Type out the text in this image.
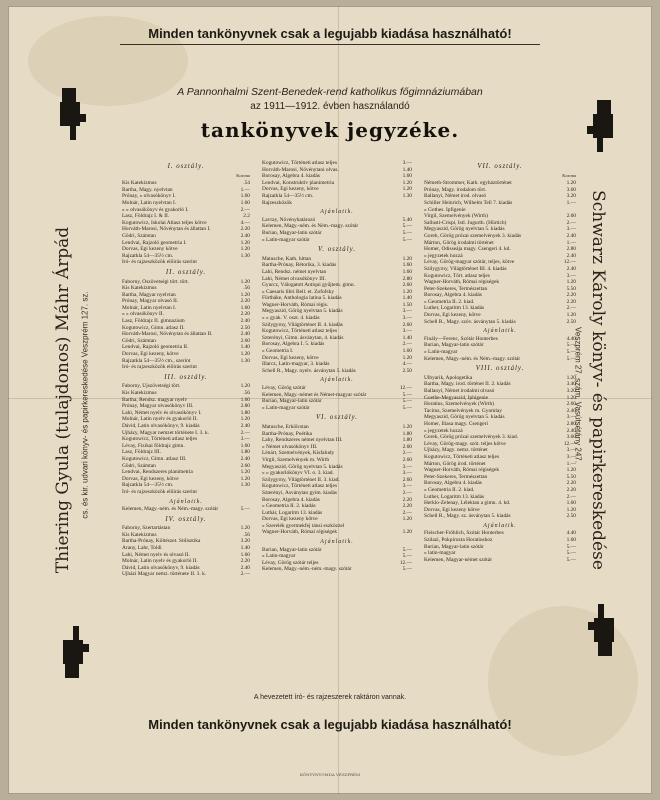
Minden tankönyvnek csak a legujabb kiadása használható!
A Pannonhalmi Szent-Benedek-rend katholikus főgimnáziumában
az 1911—1912. évben használandó
tankönyvek jegyzéke.
Thiering Gyula (tulajdonos) Máhr Árpád cs. és kir. udvari könyv- és papirkereskedése Veszprém 127. sz.	Schwarz Károly könyv- és papirkereskedése
Veszprém 27. szám. Vasútsétány 247.
I. osztály.
Korona
Kis Katekizmus	.54
Bartha, Magy. nyelvtan	1.—
Prónay, » olvasókönyv I.	1.60
Molnár, Latin nyelvtan I.	1.60
» » olvasókönyv és gyakorló I.	2.—
Lasz, Földrajz I. & II.	2.2
Kogutowicz, Iskolai Atlasz teljes kötve	4.—
Horváth-Marosi, Növénytan és állattan I.	2.20
Gödri, Számtan	2.40
Lendvai, Rajzoló geometria I.	1.20
Dorvas, Egi kezeny kötve	1.20
Rajzatkla 54—35½ cm.	1.30
Író- és rajzeszközök előirás szerint
II. osztály.
Faborny, Ószövetségi tört. tört.	1.20
Kis Katekizmus	.56
Bartha, Magyar nyelvtan	1.20
Prónay, Magyar olvasó II.	2.20
Molnár, Latin nyelvtan I.	1.60
» » olvasókönyv II.	2.20
Lasz, Földrajz II. gimnazium	2.40
Kogutowicz, Gimn. atlasz II.	2.50
Horváth-Marosi, Növénytan és állattan II.	2.40
Gödri, Számtan	2.60
Lendvai, Rajzoló geometria II.	1.40
Dorvas, Egi kezeny, kötve	1.20
Rajzatkla 54—35½ cm., szerint	1.30
Író- és rajzeszközök előirás szerint
III. osztály.
Faborny, Újszövetségi tört.	1.20
Kis Katekizmus	.56
Bartha, Rendsz. magyar nyelv	1.60
Prónay, Magyar olvasókönyv III.	2.80
Lahi, Német nyelv és olvasókönyv I.	1.80
Molnár, Latin nyelv és gyakorló II.	1.20
Dávid, Latin olvasókönyv, 9. kiadás	2.40
Ujházy, Magyar nemzet története I. 3. k.	2.—
Kogutowicz, Történeti atlasz teljes	3.—
Lévay, Fizikai földrajz gimn.	1.60
Lasz, Földrajz III.	1.80
Kogutowicz, Gimn. atlasz III.	2.40
Gödri, Számtan	2.60
Lendvai, Rendszeres planimetria	1.20
Dorvas, Egi kezeny, kötve	1.20
Rajzatkla 54—35½ cm.	1.30
Író- és rajzeszközök előirás szerint
Ajánlatik.
Kelemen, Magy.-ném. és Ném.-magy. szótár	5.—
IV. osztály.
Faborny, Szertartástan	1.20
Kis Katekizmus	.56
Bartha-Prónay, Költészet. Stilisztika	3.20
Arany, Lahr, Toldi	1.40
Lahi, Német nyelv és olvasó II.	1.60
Molnár, Latin nyelv és gyakorló II.	2.20
Dávid, Latin olvasókönyv, 9. kiadás	2.40
Ujházi Magyar nemz. története II. 3. k.	2.—
Kogutowicz, Történeti atlasz teljes	3.—
Horváth-Marosi, Növénytani olvas.	1.40
Borosay, Algebra 4. kiadás	1.60
Lendvai, Konstruktív planimetria	1.20
Dorvas, Egi kezeny, kötve	1.20
Rajzatkla 54—35½ cm.	1.30
Rajzeszközök
Ajánlatik.
Lavray, Növényhatározó	5.40
Kelemen, Magy.-ném. és Ném.-magy. szótár	5.—
Burian, Magyar-latin szótár	5.—
» Latin-magyar szótár	5.—
V. osztály.
Matusche, Kath. hittan	1.20
Bartha-Prónay, Rétorika, 3. kiadás	1.60
Lahi, Rendsz. német nyelvtan	1.60
Lahi, Német olvasókönyv III.	2.80
Gyurcz, Válogatott Antiqui gyűjtem. gimn.	2.60
» Caesaris libri Bell. et. Zofofsky	1.20
Fürtháke, Anthologia latina 5. kiadás	1.40
Wagner-Horváth, Római régis.	1.50
Megyaszid, Görög nyelvtan 5. kiadás	3.—
» » gyak. V. oszt. 4. kiadás	3.—
Szilygyrny, Világtörténet II. 4. kiadás	2.60
Kogutowicz, Történeti atlasz teljes	3.—
Szterényi, Gimn. ásványtan, 4. kiadás	1.40
Borosay, Algebra I. 5. kiadás	2.—
» Geometria I.	1.60
Dorvas, Egi kezeny, kötve	1.20
Illarcz, Latin-magyar, 3. kiadás	4.—
Schell R., Magy. nyelv. ásványtan 5. kiadás	2.50
Ajánlatik.
Lévay, Görög szótár	12.—
Kelemen, Magy.-német és Német-magyar szótár	5.—
Burian, Magyar-latin szótár	5.—
» Latin-magyar szótár	5.—
VI. osztály.
Matusche, Erkölcstan	1.20
Bartha-Prónay, Poétika	1.80
Lahy, Rendszeres német nyelvtan III.	1.80
» Német olvasókönyv III.	2.60
Lénárt, Szemelvények, Kisfaludy	2.—
Virgil, Szemelvények m. Wirth	2.60
Megyaszid, Görög nyelvtan 5. kiadás	3.—
» » gyakorlókönyv VI. o. 3. kiad.	3.—
Szilygyrny, Világtörténet II. 3. kiad.	2.60
Kogutowicz, Történeti atlasz teljes	3.—
Szterényi, Ásványtan gyim. kiadás	2.—
Borosay, Algebra 4. kiadás	2.20
» Geometria II. 2. kiadás	2.20
Luthár, Logaritm 13. kiadás	2.—
Dorvas, Egi kezeny kötve	1.20
» Szerelék gyermekfej tánsi eszközzel
Wagner-Horváth, Római régiségek	1.20
Ajánlatik.
Burian, Magyar-latin szótár	5.—
» Latin-magyar	5.—
Lévay, Görög szótár teljes	12.—
Kelemen, Magy.-ném.-ném.-magy. szótár	5.—
VII. osztály.
Korona
Németh-Strommer, Kath. egyháztörténet	1.20
Prónay, Magy. irodalom tört.	3.60
Ballanyi, Német irod. olvasó	3.20
Schiller Heinrich, Wilhelm Tell 7. kiadás	1.—
» Gothes. Ipfigenie
Virgil, Szemelvények (Wirth)	2.60
Sallusti-Crispi, Istl. Jugurth. (Hürtich)	2.—
Megyaszid, Görög nyelvtan 5. kiadás	3.—
Goreh, Görög prózai szemelvények 3. kiadás	2.40
Márton, Görög irodalmi történet	1.—
Homer, Odisseája magy. Csengeri 4. kd.	2.80
» jegyzetek hozzá	2.40
Lévay, Görög-magyar szótár, teljes, kötve	12.—
Szilygyrny, Világtörténet III. 4. kiadás	2.40
Kogutowicz, Tört. atlasz teljes	3.—
Wagner-Horváth, Római régiségek	1.20
Peter-Szekeres, Természettan	5.50
Borosay, Algebra 4. kiadás	2.20
» Geometria II. 2. kiad.	2.20
Luther, Logaritm 13. kiadás	2.—
Dorvas, Egi kezeny, kötve	1.20
Schell R., Magy. szóv. ásványtan 5. kiadás	2.50
Ajánlatik.
Finály—Ferenc, Szótár Honterbes	4.40
Burian, Magyar-latin szótár	5.—
» Latin-magyar	5.—
Kelemen, Magy.-ném. és Ném.-magy. szótár	5.—
VIII. osztály.
Ulbyarik, Apologetika	1.20
Bartha, Magy. irod. történet II. 2. kiadás	3.40
Ballanyi, Német irodalmi olvasó	3.20
Goethe-Megyaszid, Iphigenie	1.20
Horatius, Szemelvények (Wirth)	2.60
Tacitus, Szemelvények m. Gyomlay	2.40
Megyaszid, Görög nyelvtan 5. kiadás	3.—
Homer, Iliasa magy. Csengeri	2.80
» jegyzetek hozzá	2.40
Gorek, Görög prózai szemelvények 3. kiad.	3.60
Lévay, Görög-magy. szót. teljes kötve	12.—
Ujházy, Magy. nemz. történet	3.—
Kogutowicz, Történeti atlasz teljes	3.—
Márton, Görög irod. történet	1.—
Wagner-Horváth, Római régiségek	1.20
Peter-Szekeres, Természettan	5.50
Borosay, Algebra 4. kiadás	2.20
» Geometria II. 2. kiad.	2.20
Luther, Logaritm 13. kiadás	2.—
Herklo-Zelenay, Lélektan a gimn. 4. kd.	1.60
Dorvas, Egi kezeny kötve	1.20
Schell R., Magy. sz. ásványtan 5. kiadás	2.50
Ajánlatik.
Fleischer-Fröhlich, Szótár Honterbes	4.40
Szilazi, Pokpirozta Horatiushoz	1.60
Burian, Magyar-latin szótár	5.—
» latin-magyar	5.—
Kelemen, Magyar-német szótár	5.—
A hevezetett író- és rajzeszerek raktáron vannak.
Minden tankönyvnek csak a legujabb kiadása használható!
KÖNYVNYOMDA VESZPRÉM
